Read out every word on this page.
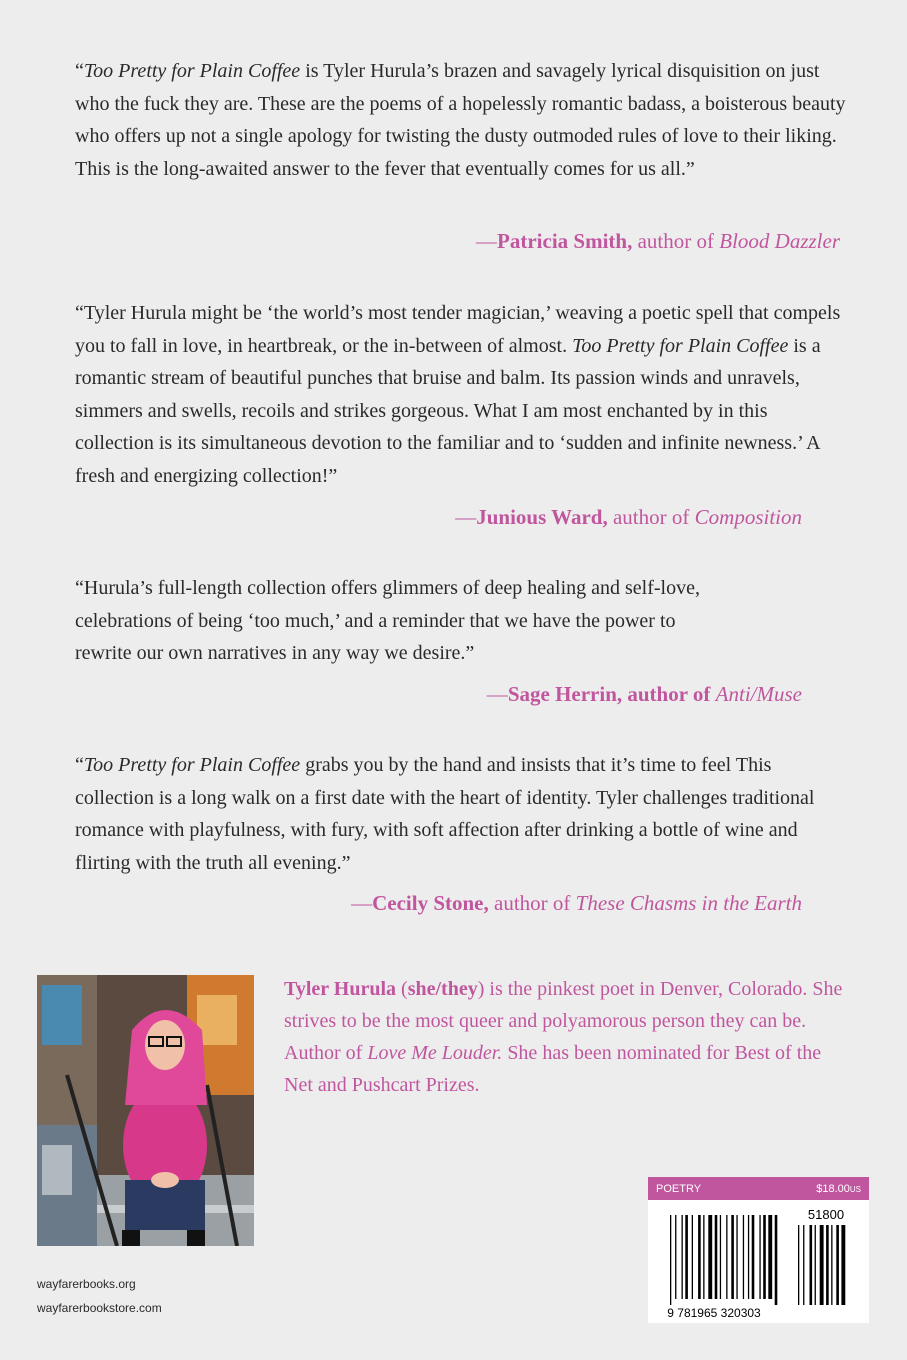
“Too Pretty for Plain Coffee is Tyler Hurula’s brazen and savagely lyrical disquisition on just who the fuck they are. These are the poems of a hopelessly romantic badass, a boisterous beauty who offers up not a single apology for twisting the dusty outmoded rules of love to their liking. This is the long-awaited answer to the fever that eventually comes for us all.”

—Patricia Smith, author of Blood Dazzler

“Tyler Hurula might be ‘the world’s most tender magician,’ weaving a poetic spell that compels you to fall in love, in heartbreak, or the in-between of almost. Too Pretty for Plain Coffee is a romantic stream of beautiful punches that bruise and balm. Its passion winds and unravels, simmers and swells, recoils and strikes gorgeous. What I am most enchanted by in this collection is its simultaneous devotion to the familiar and to ‘sudden and infinite newness.’ A fresh and energizing collection!”

—Junious Ward, author of Composition

“Hurula’s full-length collection offers glimmers of deep healing and self-love, celebrations of being ‘too much,’ and a reminder that we have the power to rewrite our own narratives in any way we desire.”

—Sage Herrin, author of Anti/Muse

“Too Pretty for Plain Coffee grabs you by the hand and insists that it’s time to feel This collection is a long walk on a first date with the heart of identity. Tyler challenges traditional romance with playfulness, with fury, with soft affection after drinking a bottle of wine and flirting with the truth all evening.”

—Cecily Stone, author of These Chasms in the Earth

Tyler Hurula (she/they) is the pinkest poet in Denver, Colorado. She strives to be the most queer and polyamorous person they can be. Author of Love Me Louder. She has been nominated for Best of the Net and Pushcart Prizes.

wayfarerbooks.org
wayfarerbookstore.com
POETRY	$18.00US
51800
9 781965 320303
